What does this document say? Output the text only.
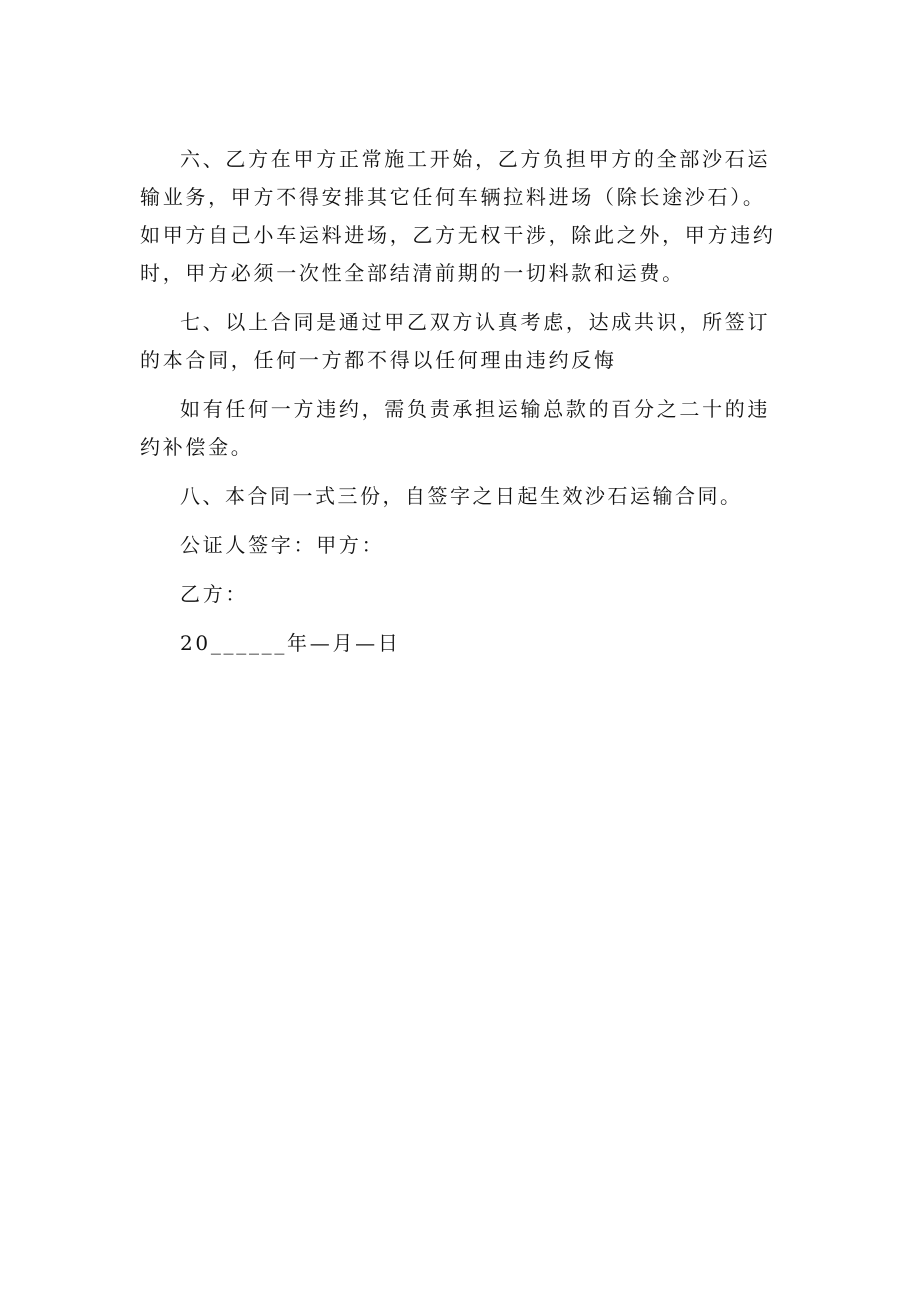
六、乙方在甲方正常施工开始，乙方负担甲方的全部沙石运输业务，甲方不得安排其它任何车辆拉料进场（除长途沙石）。如甲方自己小车运料进场，乙方无权干涉，除此之外，甲方违约时，甲方必须一次性全部结清前期的一切料款和运费。

七、以上合同是通过甲乙双方认真考虑，达成共识，所签订的本合同，任何一方都不得以任何理由违约反悔

如有任何一方违约，需负责承担运输总款的百分之二十的违约补偿金。

八、本合同一式三份，自签字之日起生效沙石运输合同。

公证人签字：甲方：
乙方：
20______年—月—日
